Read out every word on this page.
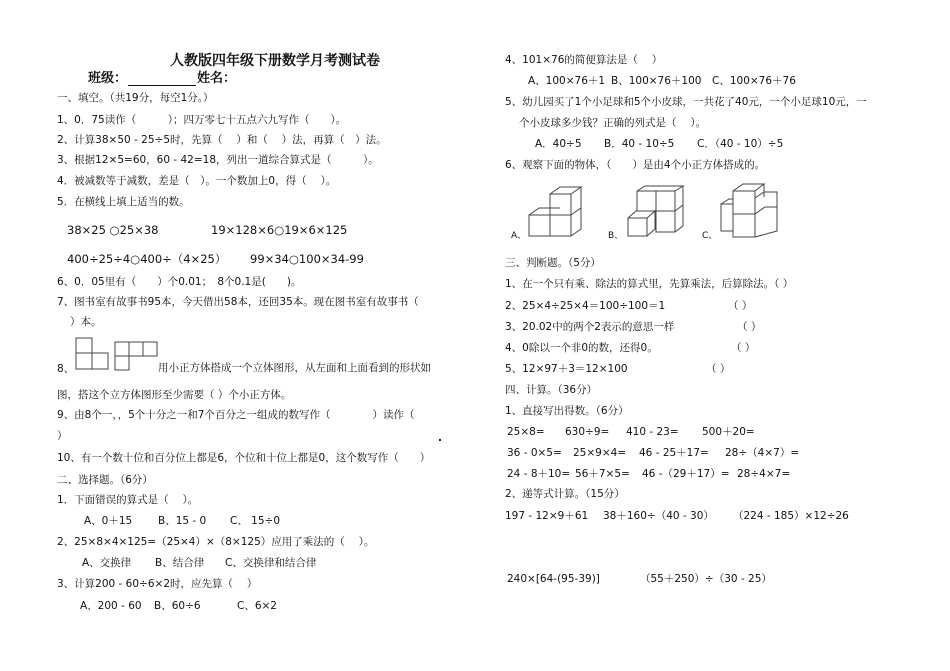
人教版四年级下册数学月考测试卷
班级：	姓名：
一、填空。（共19分，每空1分。）
1、0．75读作（　　　）；四万零七十五点六九写作（　　）。
2、计算38×50 - 25÷5时，先算（　 ）和（　 ）法，再算（　）法。
3、根据12×5=60，60 - 42=18，列出一道综合算式是（　　　）。
4．被减数等于减数，差是（　）。一个数加上0，得（　 ）。
5．在横线上填上适当的数。
38×25 ○25×38	19×128×6○19×6×125
400÷25÷4○400÷（4×25） 99×34○100×34-99
6、0．05里有（　　）个0.01；　8个0.1是(　　)。
7、图书室有故事书95本，今天借出58本，还回35本。现在图书室有故事书（
）本。
8、	用小正方体搭成一个立体图形，从左面和上面看到的形状如
图，搭这个立方体图形至少需要（ ）个小正方体。
9、由8个一，，5个十分之一和7个百分之一组成的数写作（　　　　）读作（
）	.
10、有一个数十位和百分位上都是6，个位和十位上都是0，这个数写作（　　）
二、选择题。（6分）
1．下面错误的算式是（　 ）。
A、0＋15 B、15 - 0 C、 15÷0
2、25×8×4×125=（25×4）×（8×125）应用了乘法的（　 ）。
A、交换律 B、结合律 C、交换律和结合律
3、计算200 - 60÷6×2时，应先算（　 ）
A、200 - 60 B、60÷6	C、6×2
4、101×76的简便算法是（　 ）
A、100×76＋1 B、100×76＋100 C、100×76＋76
5、幼儿园买了1个小足球和5个小皮球，一共花了40元，一个小足球10元，一
个小皮球多少钱？正确的列式是（　 ）。
A．40÷5 B．40 - 10÷5 C．（40 - 10）÷5
6、观察下面的物体，（　　）是由4个小正方体搭成的。
A、	B、	C、
三、判断题。（5分）
1、在一个只有乘、除法的算式里，先算乘法，后算除法。（ ）
2、25×4÷25×4＝100÷100＝1	（ ）
3、20.02中的两个2表示的意思一样	（ ）
4、0除以一个非0的数，还得0。	（ ）
5、12×97＋3＝12×100	（ ）
四、计算。（36分）
1、直接写出得数。（6分）
25×8= 630÷9= 410 - 23= 500＋20=
36 - 0×5= 25×9×4= 46 - 25＋17= 28÷（4×7）=
24 - 8＋10= 56＋7×5= 46 -（29＋17）= 28÷4×7=
2、递等式计算。（15分）
197 - 12×9＋61 38＋160÷（40 - 30） （224 - 185）×12÷26
240×[64-(95-39)]	（55＋250）÷（30 - 25）
